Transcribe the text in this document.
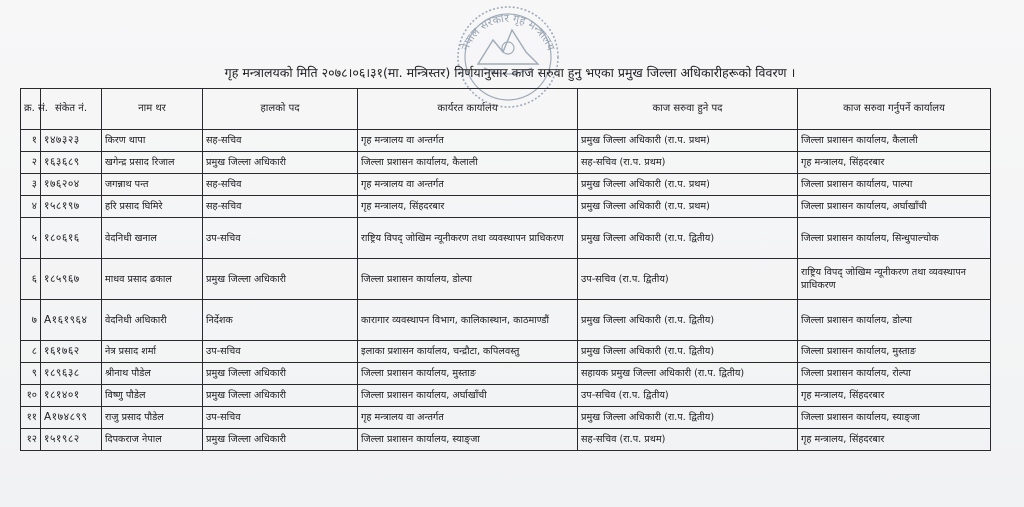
नेपाल सरकार गृह मन्त्रालय
गृह मन्त्रालयको मिति २०७८।०६।३१(मा. मन्त्रिस्तर) निर्णयानुसार काज सरुवा हुनु भएका प्रमुख जिल्ला अधिकारीहरूको विवरण ।
क्र. सं.	संकेत नं.	नाम थर	हालको पद	कार्यरत कार्यालय	काज सरुवा हुने पद	काज सरुवा गर्नुपर्ने कार्यालय
१	१४७३२३	किरण थापा	सह-सचिव	गृह मन्त्रालय वा अन्तर्गत	प्रमुख जिल्ला अधिकारी (रा.प. प्रथम)	जिल्ला प्रशासन कार्यालय, कैलाली
२	१६३६८९	खगेन्द्र प्रसाद रिजाल	प्रमुख जिल्ला अधिकारी	जिल्ला प्रशासन कार्यालय, कैलाली	सह-सचिव (रा.प. प्रथम)	गृह मन्त्रालय, सिंहदरबार
३	१७६२०४	जगन्नाथ पन्त	सह-सचिव	गृह मन्त्रालय वा अन्तर्गत	प्रमुख जिल्ला अधिकारी (रा.प. प्रथम)	जिल्ला प्रशासन कार्यालय, पाल्पा
४	१५८१९७	हरि प्रसाद घिमिरे	सह-सचिव	गृह मन्त्रालय, सिंहदरबार	प्रमुख जिल्ला अधिकारी (रा.प. प्रथम)	जिल्ला प्रशासन कार्यालय, अर्घाखाँची
५	१८०६१६	वेदनिधी खनाल	उप-सचिव	राष्ट्रिय विपद् जोखिम न्यूनीकरण तथा व्यवस्थापन प्राधिकरण	प्रमुख जिल्ला अधिकारी (रा.प. द्वितीय)	जिल्ला प्रशासन कार्यालय, सिन्धुपाल्चोक
६	१८५९६७	माधव प्रसाद ढकाल	प्रमुख जिल्ला अधिकारी	जिल्ला प्रशासन कार्यालय, डोल्पा	उप-सचिव (रा.प. द्वितीय)	राष्ट्रिय विपद् जोखिम न्यूनीकरण तथा व्यवस्थापन प्राधिकरण
७	A१६१९६४	वेदनिधी अधिकारी	निर्देशक	कारागार व्यवस्थापन विभाग, कालिकास्थान, काठमाण्डौं	प्रमुख जिल्ला अधिकारी (रा.प. द्वितीय)	जिल्ला प्रशासन कार्यालय, डोल्पा
८	१६१७६२	नेत्र प्रसाद शर्मा	उप-सचिव	इलाका प्रशासन कार्यालय, चन्द्रौटा, कपिलवस्तु	प्रमुख जिल्ला अधिकारी (रा.प. द्वितीय)	जिल्ला प्रशासन कार्यालय, मुस्ताङ
९	१८९६३८	श्रीनाथ पौडेल	प्रमुख जिल्ला अधिकारी	जिल्ला प्रशासन कार्यालय, मुस्ताङ	सहायक प्रमुख जिल्ला अधिकारी (रा.प. द्वितीय)	जिल्ला प्रशासन कार्यालय, रोल्पा
१०	१८१४०१	विष्णु पौडेल	प्रमुख जिल्ला अधिकारी	जिल्ला प्रशासन कार्यालय, अर्घाखाँची	उप-सचिव (रा.प. द्वितीय)	गृह मन्त्रालय, सिंहदरबार
११	A१७४८९९	राजु प्रसाद पौडेल	उप-सचिव	गृह मन्त्रालय वा अन्तर्गत	प्रमुख जिल्ला अधिकारी (रा.प. द्वितीय)	जिल्ला प्रशासन कार्यालय, स्याङ्जा
१२	१५१९८२	दिपकराज नेपाल	प्रमुख जिल्ला अधिकारी	जिल्ला प्रशासन कार्यालय, स्याङ्जा	सह-सचिव (रा.प. प्रथम)	गृह मन्त्रालय, सिंहदरबार
